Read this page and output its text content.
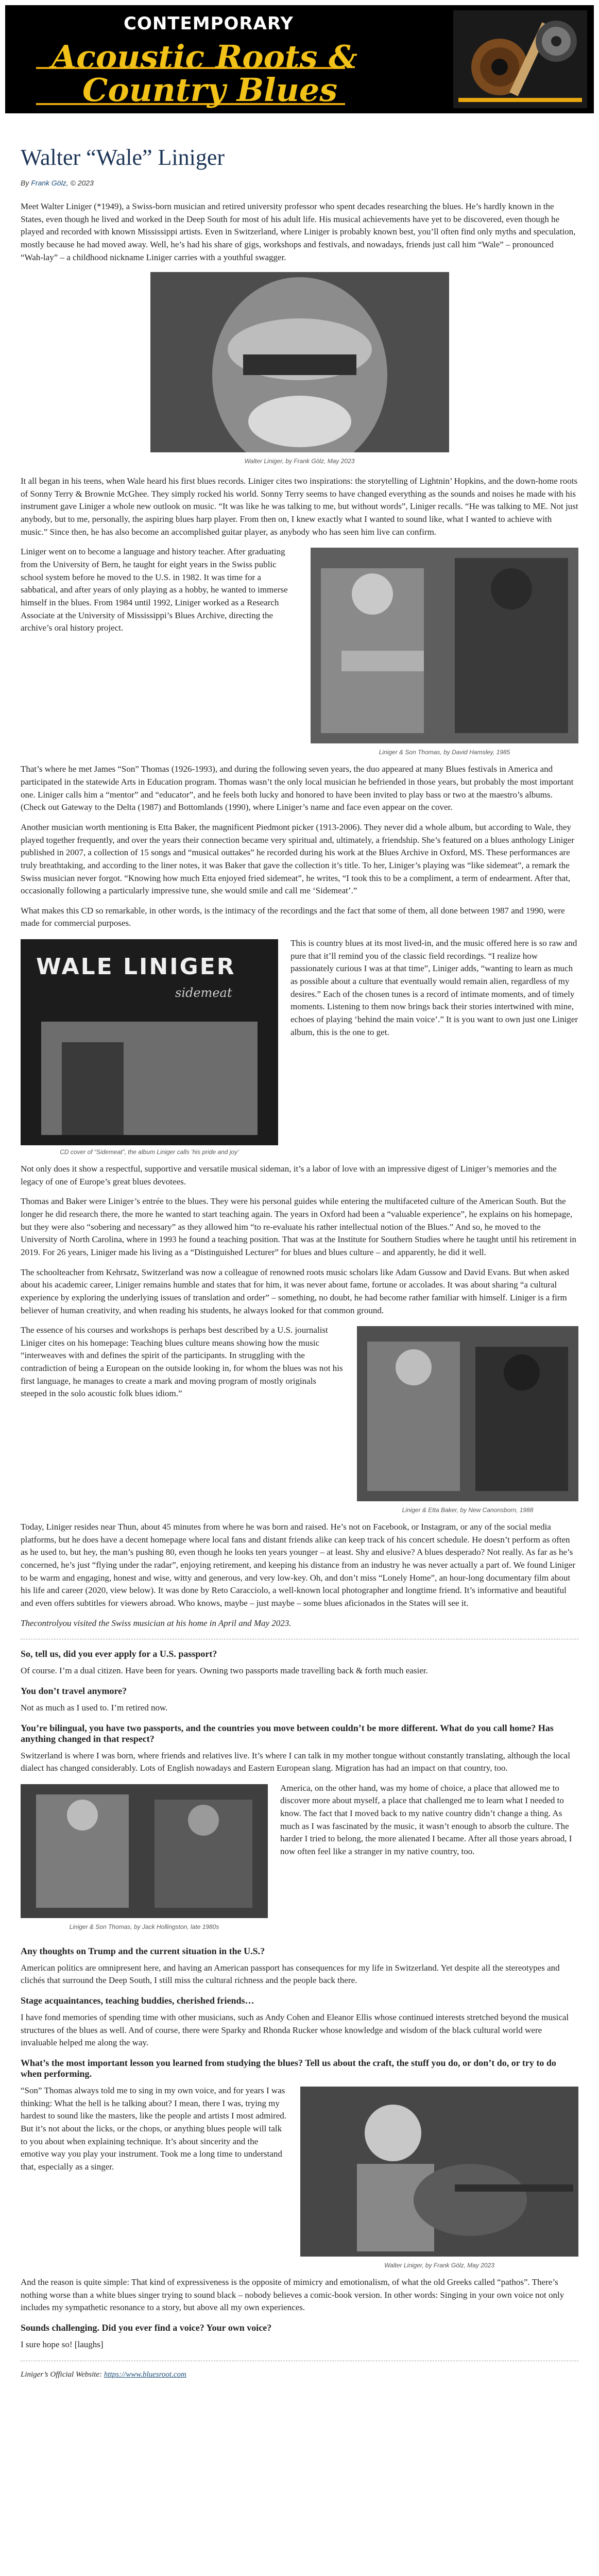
CONTEMPORARY
Acoustic Roots &
Country Blues
Walter “Wale” Liniger
By Frank Gölz, © 2023

Meet Walter Liniger (*1949), a Swiss-born musician and retired university professor who spent decades researching the blues. He’s hardly known in the States, even though he lived and worked in the Deep South for most of his adult life. His musical achievements have yet to be discovered, even though he played and recorded with known Mississippi artists. Even in Switzerland, where Liniger is probably known best, you’ll often find only myths and speculation, mostly because he had moved away. Well, he’s had his share of gigs, workshops and festivals, and nowadays, friends just call him “Wale” – pronounced “Wah-lay” – a childhood nickname Liniger carries with a youthful swagger.

Walter Liniger, by Frank Gölz, May 2023

It all began in his teens, when Wale heard his first blues records. Liniger cites two inspirations: the storytelling of Lightnin’ Hopkins, and the down-home roots of Sonny Terry & Brownie McGhee. They simply rocked his world. Sonny Terry seems to have changed everything as the sounds and noises he made with his instrument gave Liniger a whole new outlook on music. “It was like he was talking to me, but without words”, Liniger recalls. “He was talking to ME. Not just anybody, but to me, personally, the aspiring blues harp player. From then on, I knew exactly what I wanted to sound like, what I wanted to achieve with music.” Since then, he has also become an accomplished guitar player, as anybody who has seen him live can confirm.

Liniger & Son Thomas, by David Hamsley, 1985

Liniger went on to become a language and history teacher. After graduating from the University of Bern, he taught for eight years in the Swiss public school system before he moved to the U.S. in 1982. It was time for a sabbatical, and after years of only playing as a hobby, he wanted to immerse himself in the blues. From 1984 until 1992, Liniger worked as a Research Associate at the University of Mississippi’s Blues Archive, directing the archive’s oral history project.

That’s where he met James “Son” Thomas (1926-1993), and during the following seven years, the duo appeared at many Blues festivals in America and participated in the statewide Arts in Education program. Thomas wasn’t the only local musician he befriended in those years, but probably the most important one. Liniger calls him a “mentor” and “educator”, and he feels both lucky and honored to have been invited to play bass or two at the maestro’s albums. (Check out Gateway to the Delta (1987) and Bottomlands (1990), where Liniger’s name and face even appear on the cover.

Another musician worth mentioning is Etta Baker, the magnificent Piedmont picker (1913-2006). They never did a whole album, but according to Wale, they played together frequently, and over the years their connection became very spiritual and, ultimately, a friendship. She’s featured on a blues anthology Liniger published in 2007, a collection of 15 songs and “musical outtakes” he recorded during his work at the Blues Archive in Oxford, MS. These performances are truly breathtaking, and according to the liner notes, it was Baker that gave the collection it’s title. To her, Liniger’s playing was “like sidemeat”, a remark the Swiss musician never forgot. “Knowing how much Etta enjoyed fried sidemeat”, he writes, “I took this to be a compliment, a term of endearment. After that, occasionally following a particularly impressive tune, she would smile and call me ‘Sidemeat’.”

What makes this CD so remarkable, in other words, is the intimacy of the recordings and the fact that some of them, all done between 1987 and 1990, were made for commercial purposes.

WALE LINIGER
sidemeat
CD cover of “Sidemeat”, the album Liniger calls ‘his pride and joy’

This is country blues at its most lived-in, and the music offered here is so raw and pure that it’ll remind you of the classic field recordings. “I realize how passionately curious I was at that time”, Liniger adds, “wanting to learn as much as possible about a culture that eventually would remain alien, regardless of my desires.” Each of the chosen tunes is a record of intimate moments, and of timely moments. Listening to them now brings back their stories intertwined with mine, echoes of playing ‘behind the main voice’.” It is you want to own just one Liniger album, this is the one to get.

Not only does it show a respectful, supportive and versatile musical sideman, it’s a labor of love with an impressive digest of Liniger’s memories and the legacy of one of Europe’s great blues devotees.

Thomas and Baker were Liniger’s entrée to the blues. They were his personal guides while entering the multifaceted culture of the American South. But the longer he did research there, the more he wanted to start teaching again. The years in Oxford had been a “valuable experience”, he explains on his homepage, but they were also “sobering and necessary” as they allowed him “to re-evaluate his rather intellectual notion of the Blues.” And so, he moved to the University of North Carolina, where in 1993 he found a teaching position. That was at the Institute for Southern Studies where he taught until his retirement in 2019. For 26 years, Liniger made his living as a “Distinguished Lecturer” for blues and blues culture – and apparently, he did it well.

The schoolteacher from Kehrsatz, Switzerland was now a colleague of renowned roots music scholars like Adam Gussow and David Evans. But when asked about his academic career, Liniger remains humble and states that for him, it was never about fame, fortune or accolades. It was about sharing “a cultural experience by exploring the underlying issues of translation and order” – something, no doubt, he had become rather familiar with himself. Liniger is a firm believer of human creativity, and when reading his students, he always looked for that common ground.

Liniger & Etta Baker, by New Canonsborn, 1988

The essence of his courses and workshops is perhaps best described by a U.S. journalist Liniger cites on his homepage: Teaching blues culture means showing how the music “interweaves with and defines the spirit of the participants. In struggling with the contradiction of being a European on the outside looking in, for whom the blues was not his first language, he manages to create a mark and moving program of mostly originals steeped in the solo acoustic folk blues idiom.”

Today, Liniger resides near Thun, about 45 minutes from where he was born and raised. He’s not on Facebook, or Instagram, or any of the social media platforms, but he does have a decent homepage where local fans and distant friends alike can keep track of his concert schedule. He doesn’t perform as often as he used to, but hey, the man’s pushing 80, even though he looks ten years younger – at least. Shy and elusive? A blues desperado? Not really. As far as he’s concerned, he’s just “flying under the radar”, enjoying retirement, and keeping his distance from an industry he was never actually a part of. We found Liniger to be warm and engaging, honest and wise, witty and generous, and very low-key. Oh, and don’t miss “Lonely Home”, an hour-long documentary film about his life and career (2020, view below). It was done by Reto Caracciolo, a well-known local photographer and longtime friend. It’s informative and beautiful and even offers subtitles for viewers abroad. Who knows, maybe – just maybe – some blues aficionados in the States will see it.

Thecontrolyou visited the Swiss musician at his home in April and May 2023.

So, tell us, did you ever apply for a U.S. passport?

Of course. I’m a dual citizen. Have been for years. Owning two passports made travelling back & forth much easier.

You don’t travel anymore?

Not as much as I used to. I’m retired now.

You’re bilingual, you have two passports, and the countries you move between couldn’t be more different. What do you call home? Has anything changed in that respect?

Switzerland is where I was born, where friends and relatives live. It’s where I can talk in my mother tongue without constantly translating, although the local dialect has changed considerably. Lots of English nowadays and Eastern European slang. Migration has had an impact on that country, too.

Liniger & Son Thomas, by Jack Hollingston, late 1980s

America, on the other hand, was my home of choice, a place that allowed me to discover more about myself, a place that challenged me to learn what I needed to know. The fact that I moved back to my native country didn’t change a thing. As much as I was fascinated by the music, it wasn’t enough to absorb the culture. The harder I tried to belong, the more alienated I became. After all those years abroad, I now often feel like a stranger in my native country, too.

Any thoughts on Trump and the current situation in the U.S.?

American politics are omnipresent here, and having an American passport has consequences for my life in Switzerland. Yet despite all the stereotypes and clichés that surround the Deep South, I still miss the cultural richness and the people back there.

Stage acquaintances, teaching buddies, cherished friends…

I have fond memories of spending time with other musicians, such as Andy Cohen and Eleanor Ellis whose continued interests stretched beyond the musical structures of the blues as well. And of course, there were Sparky and Rhonda Rucker whose knowledge and wisdom of the black cultural world were invaluable helped me along the way.

What’s the most important lesson you learned from studying the blues? Tell us about the craft, the stuff you do, or don’t do, or try to do when performing.
Walter Liniger, by Frank Gölz, May 2023

“Son” Thomas always told me to sing in my own voice, and for years I was thinking: What the hell is he talking about? I mean, there I was, trying my hardest to sound like the masters, like the people and artists I most admired. But it’s not about the licks, or the chops, or anything blues people will talk to you about when explaining technique. It’s about sincerity and the emotive way you play your instrument. Took me a long time to understand that, especially as a singer.

And the reason is quite simple: That kind of expressiveness is the opposite of mimicry and emotionalism, of what the old Greeks called “pathos”. There’s nothing worse than a white blues singer trying to sound black – nobody believes a comic-book version. In other words: Singing in your own voice not only includes my sympathetic resonance to a story, but above all my own experiences.

Sounds challenging. Did you ever find a voice? Your own voice?

I sure hope so! [laughs]

Liniger’s Official Website: https://www.bluesroot.com
